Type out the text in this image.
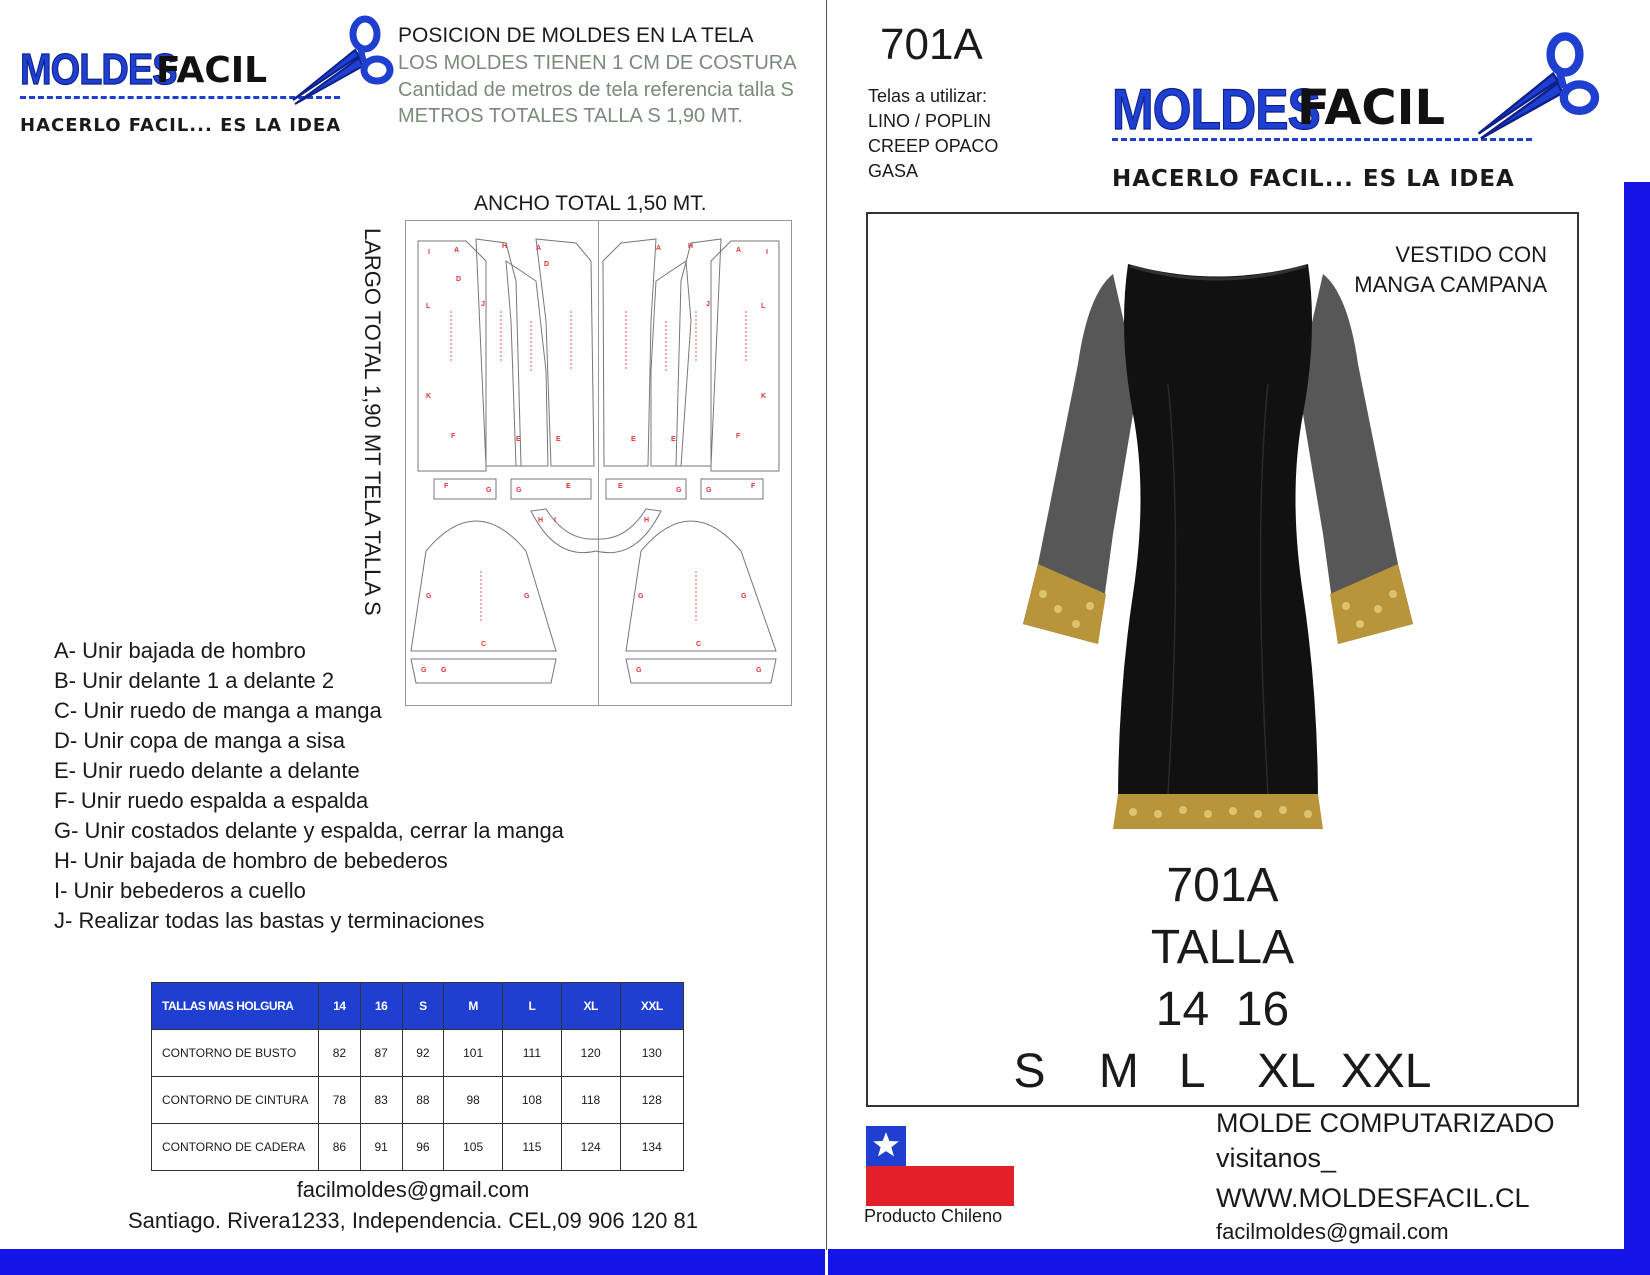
MOLDES
FACIL
HACERLO FACIL... ES LA IDEA
POSICION DE MOLDES EN LA TELA
LOS MOLDES TIENEN 1 CM DE COSTURA
Cantidad de metros de tela referencia talla S
METROS TOTALES TALLA S 1,90 MT.
ANCHO TOTAL 1,50 MT.
LARGO TOTAL 1,90 MT TELA TALLA S	I	A
H	A
D
D
A	H
A	I
L
K
F	E	E	E	E	F
F
G	G
E	E
G	G
F
H I	H
G	G
C
G	G
C
G G	G	G
L
K
J
J

A- Unir bajada de hombro

B- Unir delante 1 a delante 2

C- Unir ruedo de manga a manga

D- Unir copa de manga a sisa

E- Unir ruedo delante a delante

F- Unir ruedo espalda a espalda

G- Unir costados delante y espalda, cerrar la manga

H- Unir bajada de hombro de bebederos

I- Unir bebederos a cuello

J- Realizar todas las bastas y terminaciones

TALLAS MAS HOLGURA	14	16	S	M	L	XL	XXL
CONTORNO DE BUSTO	82	87	92	101	111	120	130
CONTORNO DE CINTURA	78	83	88	98	108	118	128
CONTORNO DE CADERA	86	91	96	105	115	124	134
facilmoldes@gmail.com
Santiago. Rivera1233, Independencia. CEL,09 906 120 81
701A
Telas a utilizar:
LINO / POPLIN
CREEP OPACO
GASA
MOLDES
FACIL
HACERLO FACIL... ES LA IDEA
VESTIDO CON
MANGA CAMPANA
701A
TALLA
14  16
S    M   L    XL  XXL
Producto Chileno
MOLDE COMPUTARIZADO
visitanos_
WWW.MOLDESFACIL.CL
facilmoldes@gmail.com
